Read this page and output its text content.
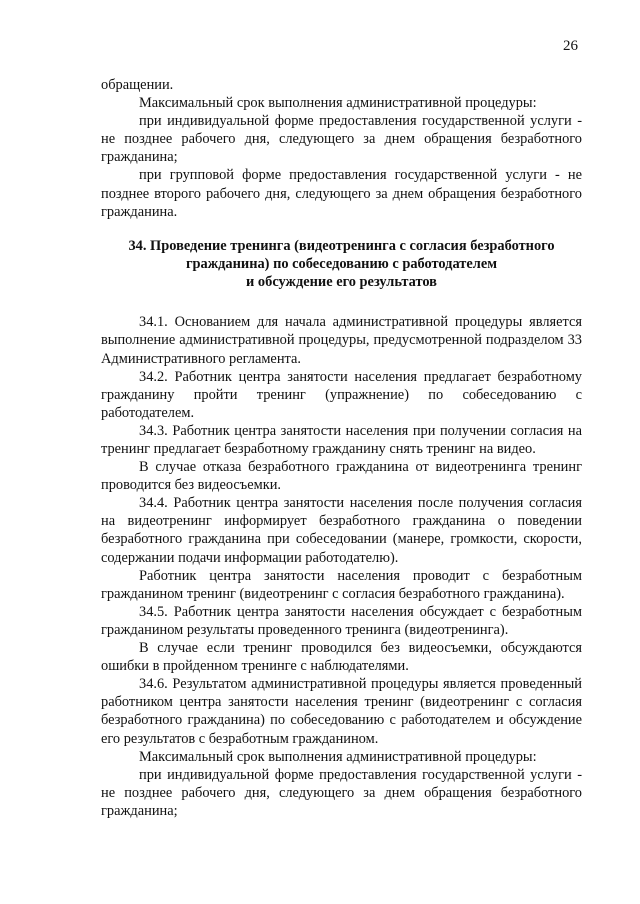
26

обращении.

Максимальный срок выполнения административной процедуры:

при индивидуальной форме предоставления государственной услуги - не позднее рабочего дня, следующего за днем обращения безработного гражданина;

при групповой форме предоставления государственной услуги - не позднее второго рабочего дня, следующего за днем обращения безработного гражданина.

34. Проведение тренинга (видеотренинга с согласия безработного
гражданина) по собеседованию с работодателем
и обсуждение его результатов

34.1. Основанием для начала административной процедуры является выполнение административной процедуры, предусмотренной подразделом 33 Административного регламента.

34.2. Работник центра занятости населения предлагает безработному гражданину пройти тренинг (упражнение) по собеседованию с работодателем.

34.3. Работник центра занятости населения при получении согласия на тренинг предлагает безработному гражданину снять тренинг на видео.

В случае отказа безработного гражданина от видеотренинга тренинг проводится без видеосъемки.

34.4. Работник центра занятости населения после получения согласия на видеотренинг информирует безработного гражданина о поведении безработного гражданина при собеседовании (манере, громкости, скорости, содержании подачи информации работодателю).

Работник центра занятости населения проводит с безработным гражданином тренинг (видеотренинг с согласия безработного гражданина).

34.5. Работник центра занятости населения обсуждает с безработным гражданином результаты проведенного тренинга (видеотренинга).

В случае если тренинг проводился без видеосъемки, обсуждаются ошибки в пройденном тренинге с наблюдателями.

34.6. Результатом административной процедуры является проведенный работником центра занятости населения тренинг (видеотренинг с согласия безработного гражданина) по собеседованию с работодателем и обсуждение его результатов с безработным гражданином.

Максимальный срок выполнения административной процедуры:

при индивидуальной форме предоставления государственной услуги - не позднее рабочего дня, следующего за днем обращения безработного гражданина;
